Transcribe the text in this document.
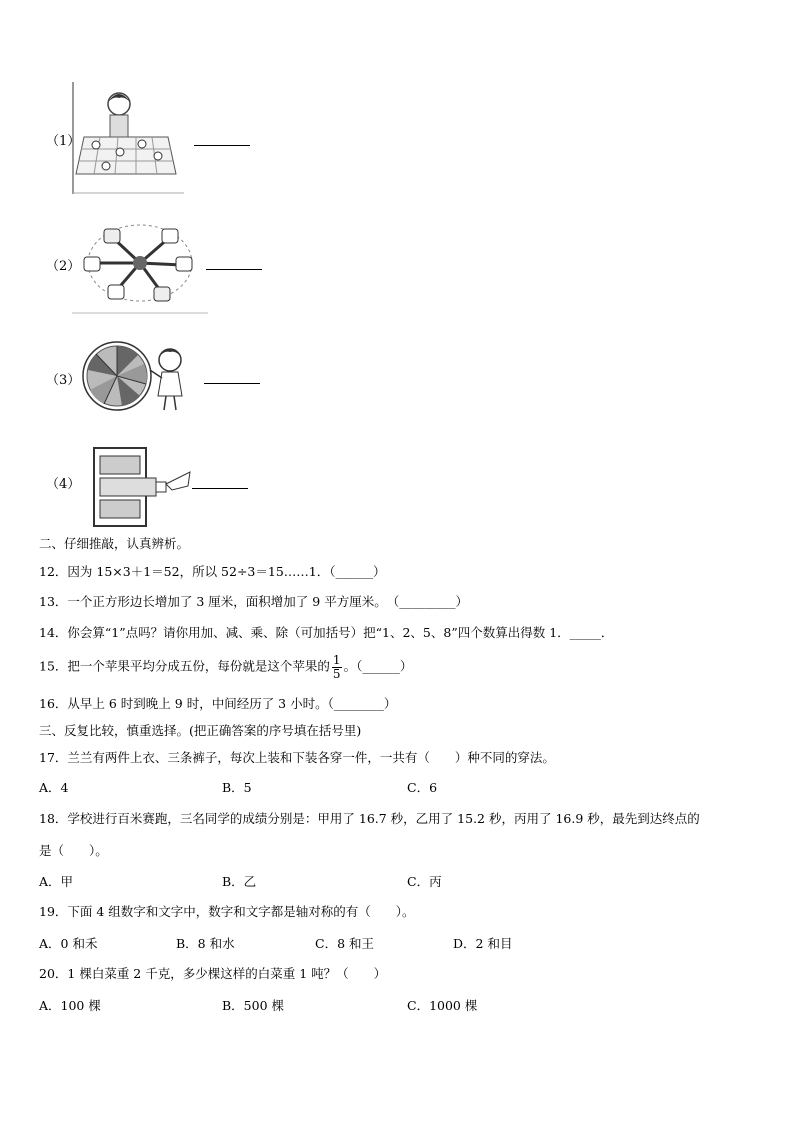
（1）
（2）
（3）
（4）
二、仔细推敲，认真辨析。
12．因为 15×3＋1＝52，所以 52÷3＝15……1．（______）
13．一个正方形边长增加了 3 厘米，面积增加了 9 平方厘米。　（_________）
14．你会算“1”点吗？请你用加、减、乘、除（可加括号）把“1、2、5、8”四个数算出得数 1．_____．
15．把一个苹果平均分成五份，每份就是这个苹果的 $\frac{1}{5}$ 。（______）
16．从早上 6 时到晚上 9 时，中间经历了 3 小时。（________）
三、反复比较，慎重选择。(把正确答案的序号填在括号里)
17．兰兰有两件上衣、三条裤子，每次上装和下装各穿一件，一共有（　　）种不同的穿法。
A．4	B．5	C．6
18．学校进行百米赛跑，三名同学的成绩分别是：甲用了 16.7 秒，乙用了 15.2 秒，丙用了 16.9 秒，最先到达终点的
是（　　）。
A．甲	B．乙	C．丙
19．下面 4 组数字和文字中，数字和文字都是轴对称的有（　　）。
A．0 和禾	B．8 和水	C．8 和王	D．2 和目
20．1 棵白菜重 2 千克，多少棵这样的白菜重 1 吨？（　　）
A．100 棵	B．500 棵	C．1000 棵
